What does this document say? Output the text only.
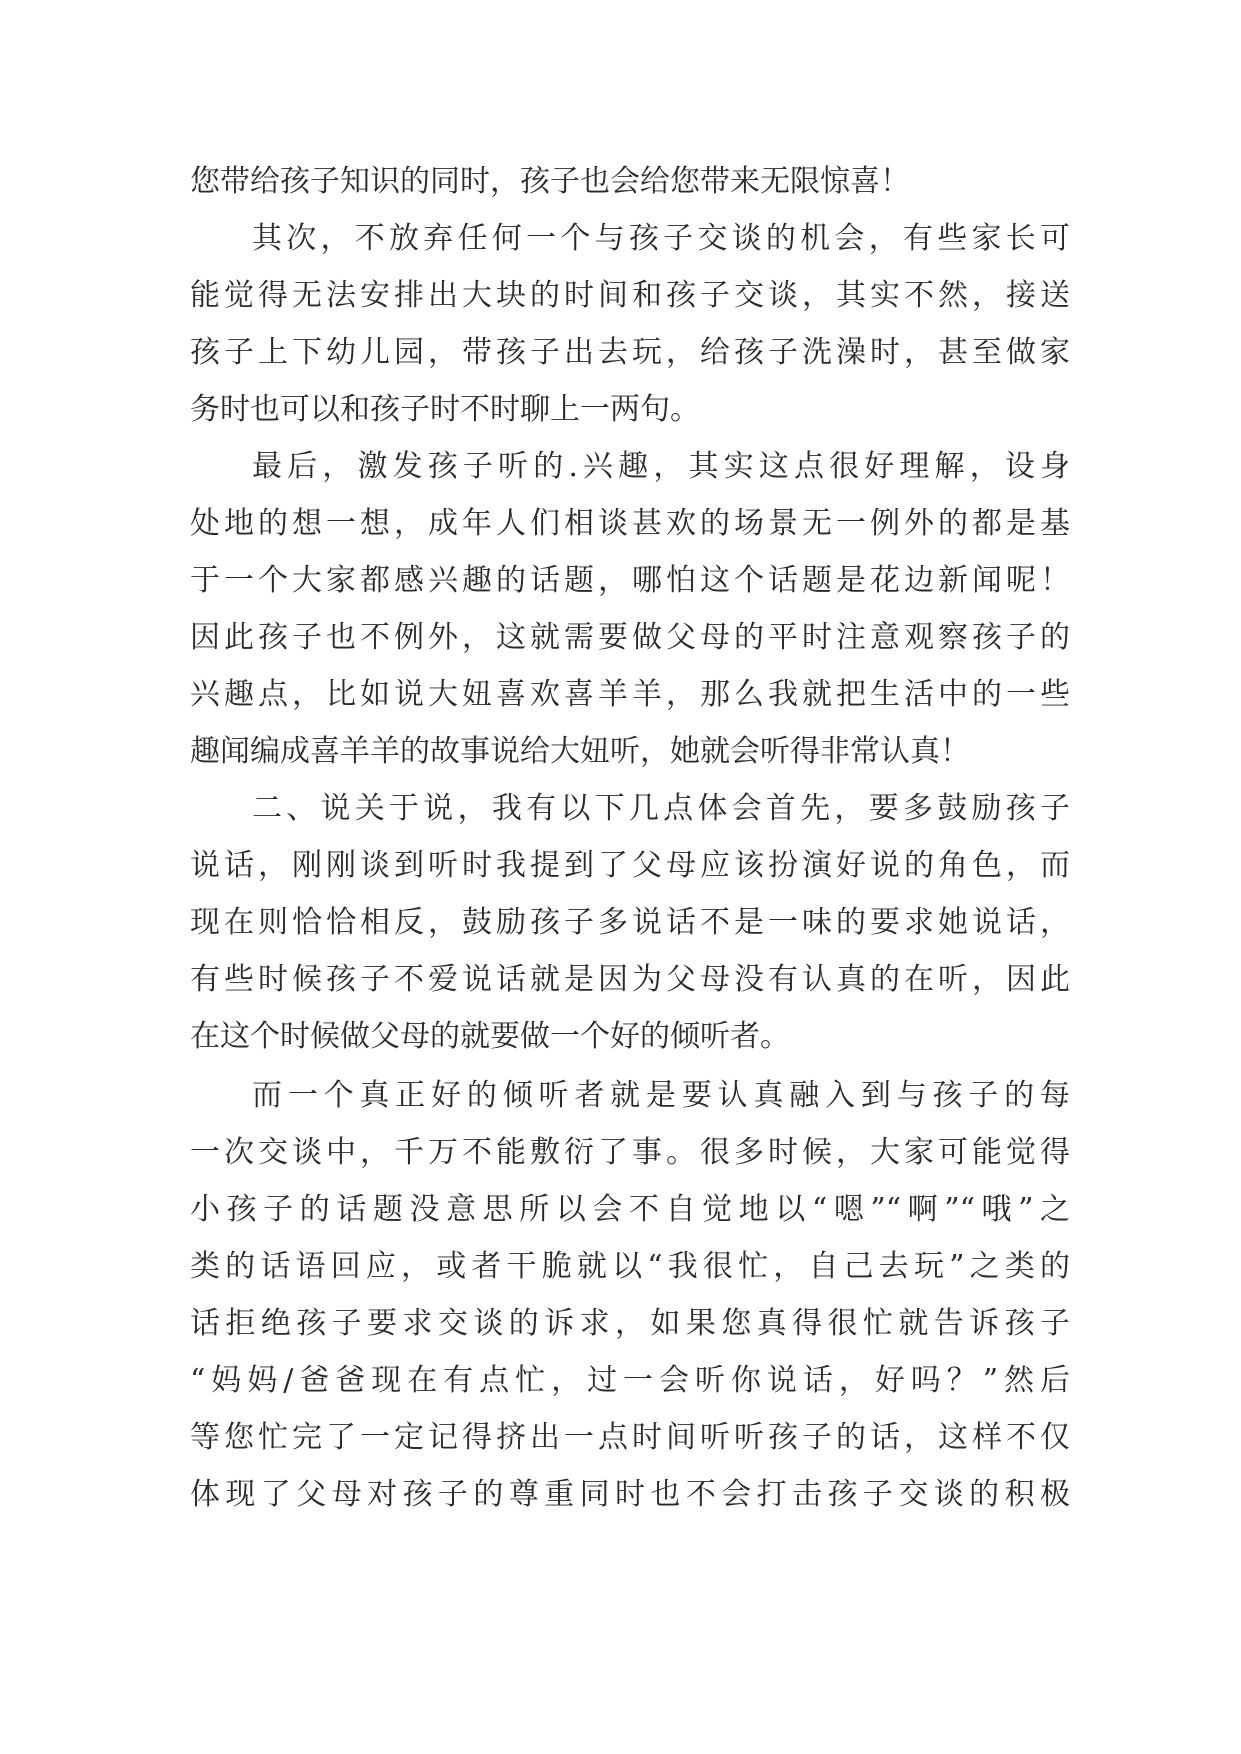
您带给孩子知识的同时，孩子也会给您带来无限惊喜！
其次，不放弃任何一个与孩子交谈的机会，有些家长可
能觉得无法安排出大块的时间和孩子交谈，其实不然，接送
孩子上下幼儿园，带孩子出去玩，给孩子洗澡时，甚至做家
务时也可以和孩子时不时聊上一两句。
最后，激发孩子听的.兴趣，其实这点很好理解，设身
处地的想一想，成年人们相谈甚欢的场景无一例外的都是基
于一个大家都感兴趣的话题，哪怕这个话题是花边新闻呢！
因此孩子也不例外，这就需要做父母的平时注意观察孩子的
兴趣点，比如说大妞喜欢喜羊羊，那么我就把生活中的一些
趣闻编成喜羊羊的故事说给大妞听，她就会听得非常认真！
二、说关于说，我有以下几点体会首先，要多鼓励孩子
说话，刚刚谈到听时我提到了父母应该扮演好说的角色，而
现在则恰恰相反，鼓励孩子多说话不是一味的要求她说话，
有些时候孩子不爱说话就是因为父母没有认真的在听，因此
在这个时候做父母的就要做一个好的倾听者。
而一个真正好的倾听者就是要认真融入到与孩子的每
一次交谈中，千万不能敷衍了事。很多时候，大家可能觉得
小孩子的话题没意思所以会不自觉地以“嗯”“啊”“哦”之
类的话语回应，或者干脆就以“我很忙，自己去玩”之类的
话拒绝孩子要求交谈的诉求，如果您真得很忙就告诉孩子
“妈妈/爸爸现在有点忙，过一会听你说话，好吗？”然后
等您忙完了一定记得挤出一点时间听听孩子的话，这样不仅
体现了父母对孩子的尊重同时也不会打击孩子交谈的积极
